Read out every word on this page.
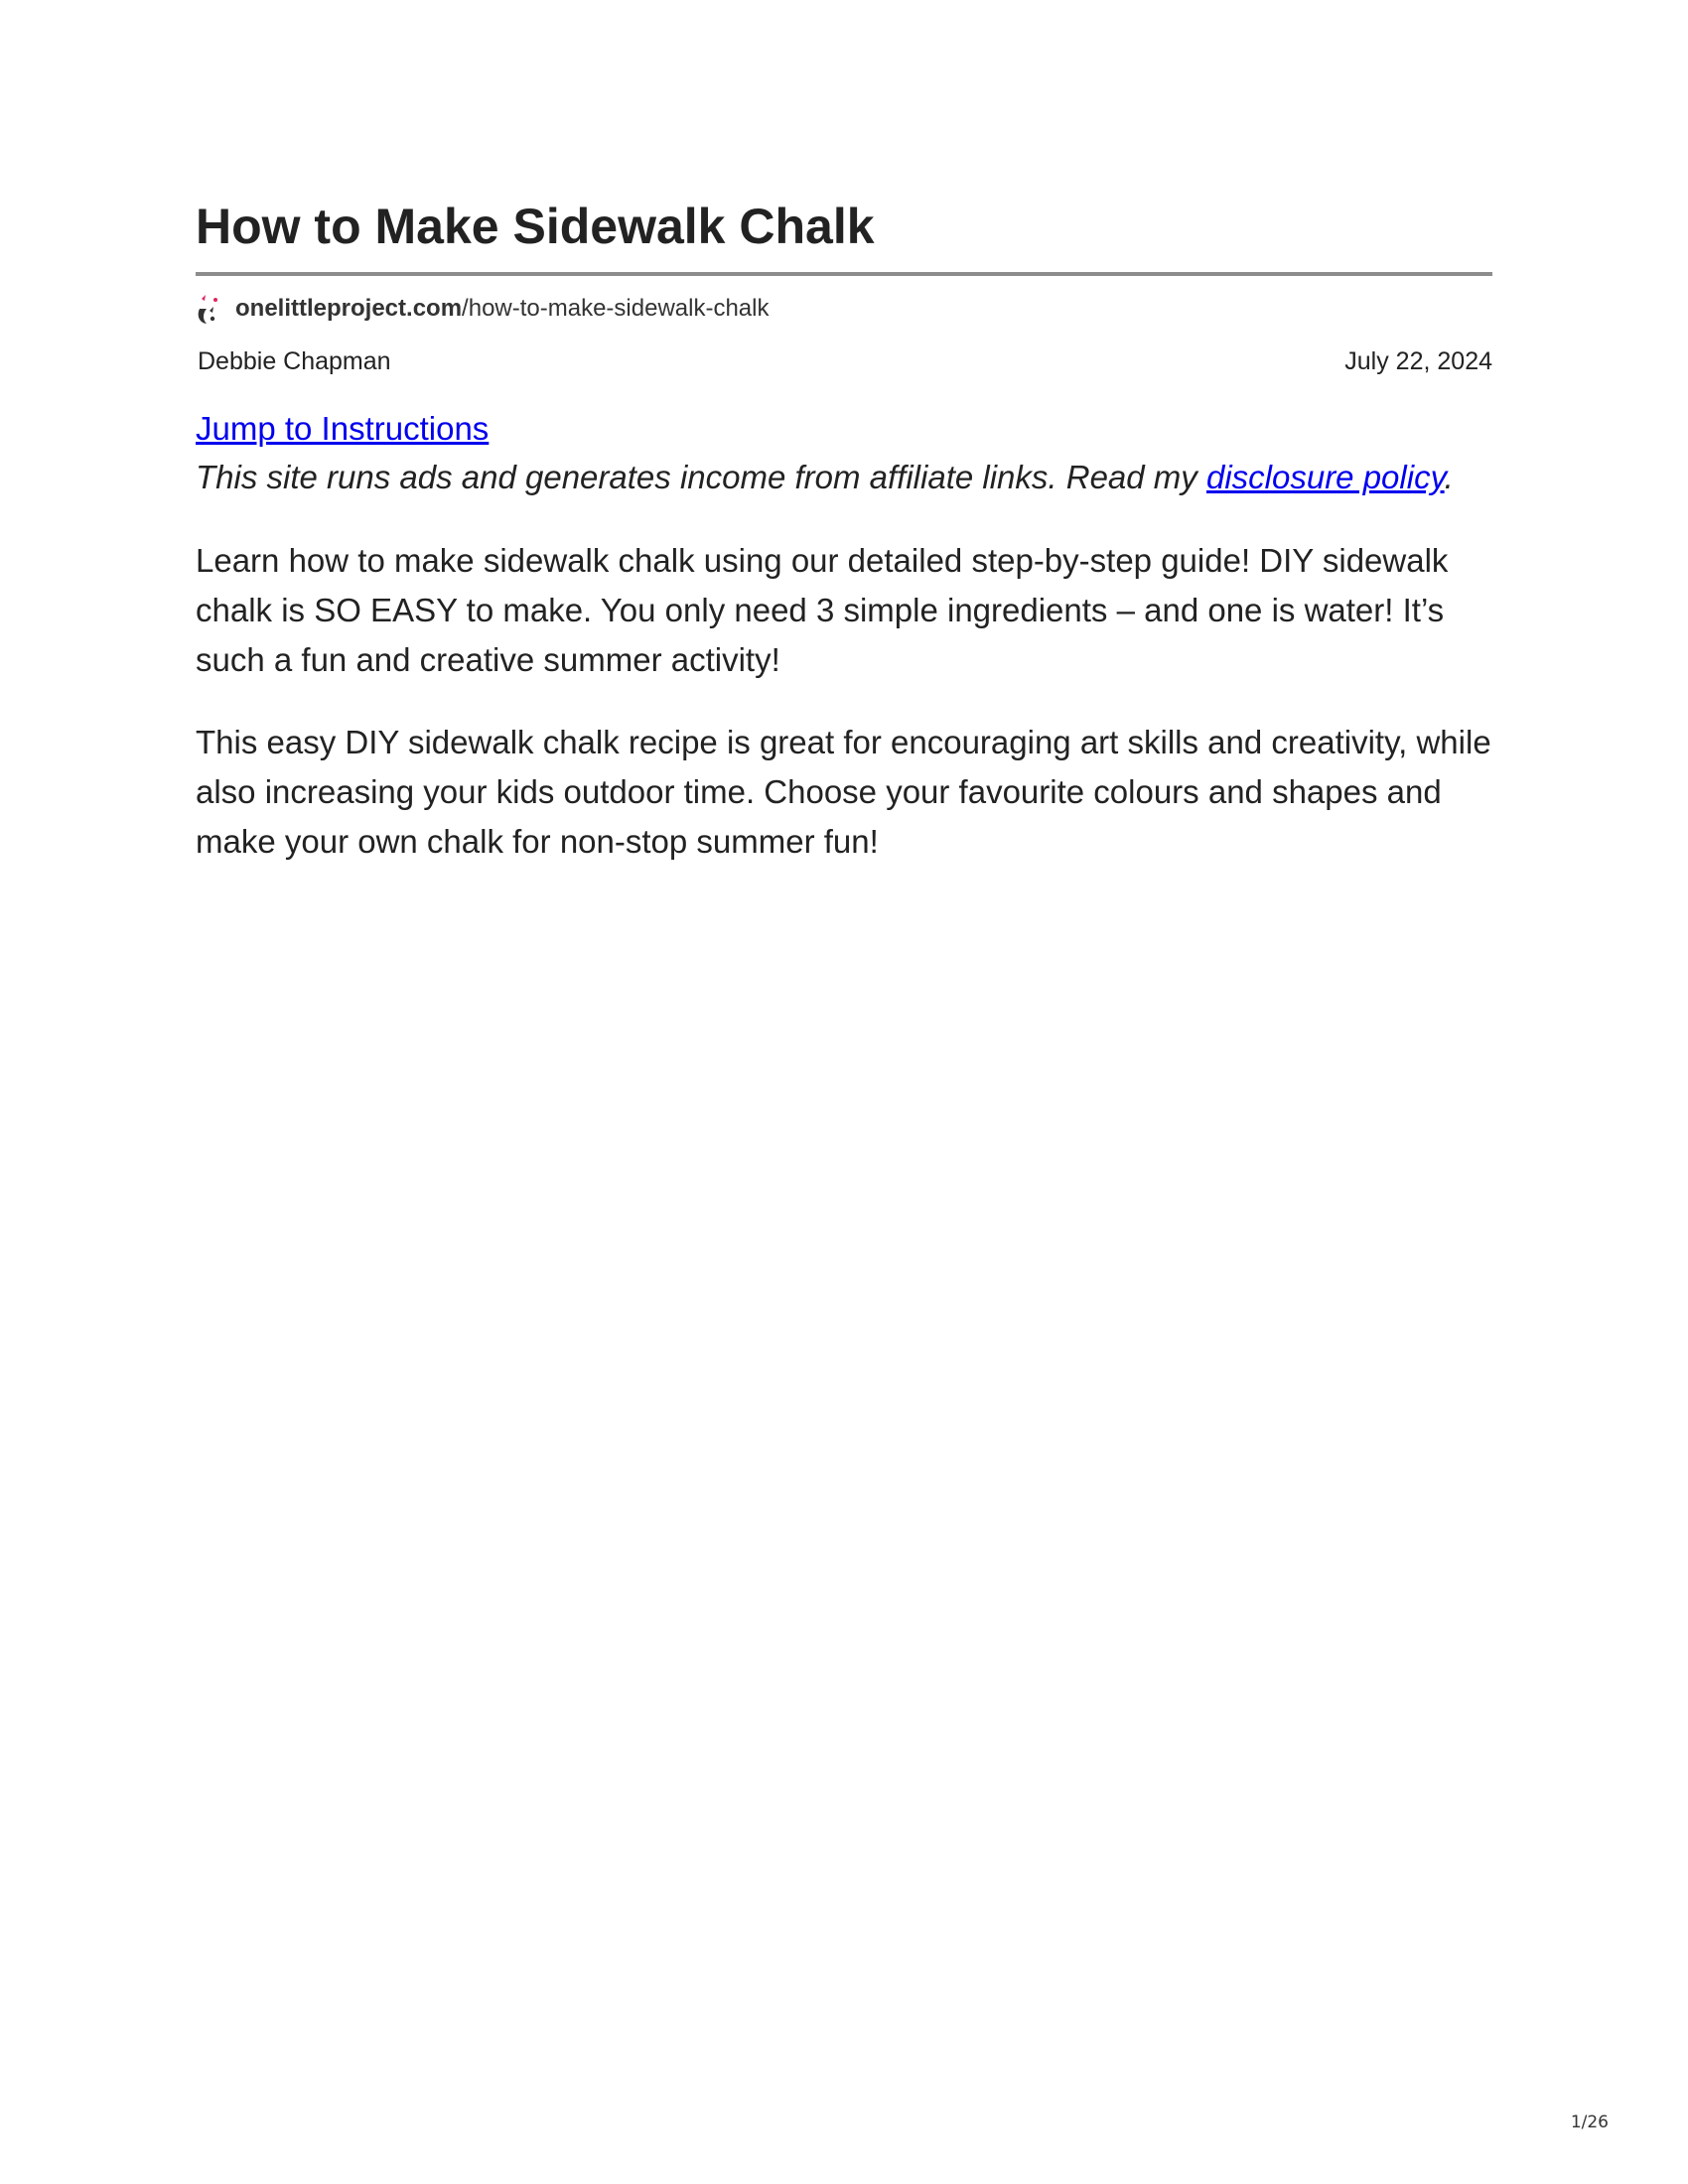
How to Make Sidewalk Chalk
onelittleproject.com/how-to-make-sidewalk-chalk
Debbie Chapman	July 22, 2024
Jump to Instructions

This site runs ads and generates income from affiliate links. Read my disclosure policy.

Learn how to make sidewalk chalk using our detailed step-by-step guide! DIY sidewalk chalk is SO EASY to make. You only need 3 simple ingredients – and one is water! It’s such a fun and creative summer activity!

This easy DIY sidewalk chalk recipe is great for encouraging art skills and creativity, while also increasing your kids outdoor time. Choose your favourite colours and shapes and make your own chalk for non-stop summer fun!

1/26
